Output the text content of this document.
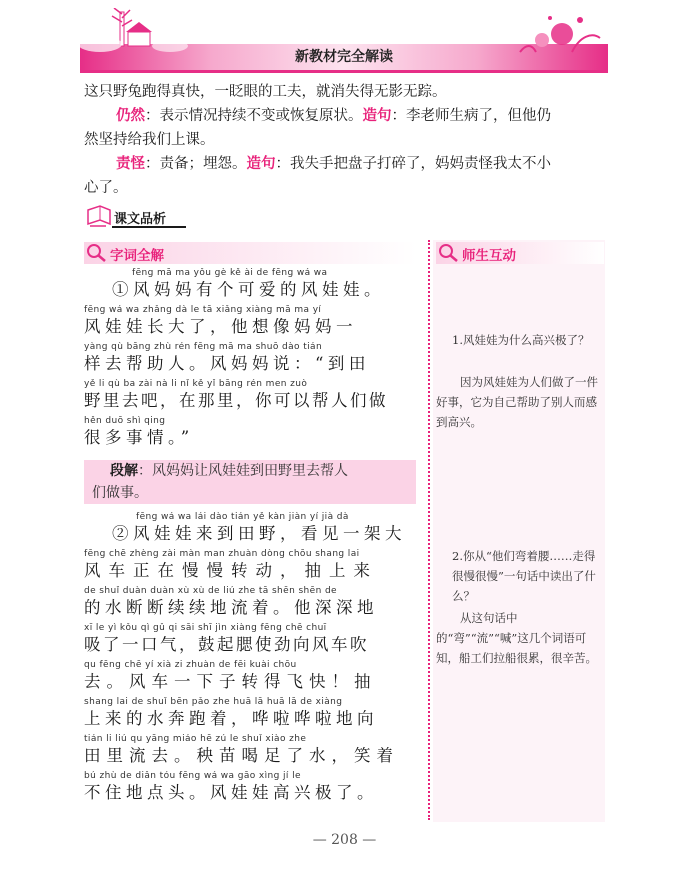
新教材完全解读
这只野兔跑得真快，一眨眼的工夫，就消失得无影无踪。
仍然：表示情况持续不变或恢复原状。造句：李老师生病了，但他仍
然坚持给我们上课。
责怪：责备；埋怨。造句：我失手把盘子打碎了，妈妈责怪我太不小
心了。
课文品析
字词全解	师生互动
fēng mā ma yǒu gè kě ài de fēng wá wa
①风妈妈有个可爱的风娃娃。
fēng wá wa zhǎng dà le tā xiǎng xiàng mā ma yí
风娃娃长大了，他想像妈妈一
yàng qù bāng zhù rén fēng mā ma shuō dào tián
样去帮助人。风妈妈说：“到田
yě li qù ba zài nà li nǐ kě yǐ bāng rén men zuò
野里去吧，在那里，你可以帮人们做
hěn duō shì qing
很多事情。”
段解：风妈妈让风娃娃到田野里去帮人
们做事。
fēng wá wa lái dào tián yě kàn jiàn yí jià dà
②风娃娃来到田野，看见一架大
fēng chē zhèng zài màn man zhuàn dòng chōu shang lai
风车正在慢慢转动，抽上来
de shuǐ duàn duàn xù xù de liú zhe tā shēn shēn de
的水断断续续地流着。他深深地
xī le yì kǒu qì gǔ qi sāi shī jìn xiàng fēng chē chuī
吸了一口气，鼓起腮使劲向风车吹
qu fēng chē yí xià zi zhuàn de fēi kuài chōu
去。风车一下子转得飞快！抽
shang lai de shuǐ bēn pǎo zhe huā lā huā lā de xiàng
上来的水奔跑着，哗啦哗啦地向
tián li liú qu yāng miáo hē zú le shuǐ xiào zhe
田里流去。秧苗喝足了水，笑着
bú zhù de diǎn tóu fēng wá wa gāo xìng jí le
不住地点头。风娃娃高兴极了。
1.风娃娃为什么高兴极了？
因为风娃娃为人们做了一件好事，它为自己帮助了别人而感到高兴。
2.你从“他们弯着腰……走得很慢很慢”一句话中读出了什么？
从这句话中的“弯”“流”“喊”这几个词语可知，船工们拉船很累，很辛苦。
— 208 —
